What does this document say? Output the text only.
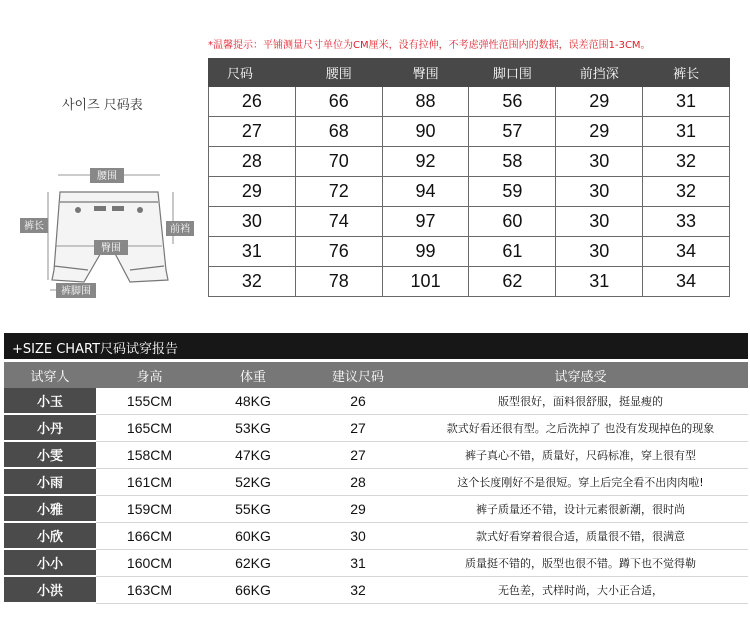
*温馨提示：平铺测量尺寸单位为CM厘米，没有拉伸，不考虑弹性范围内的数据，误差范围1-3CM。
사이즈 尺码表
腰围
裤长	前裆
臀围
裤脚围
尺码	腰围	臀围	脚口围	前挡深	裤长
26	66	88	56	29	31
27	68	90	57	29	31
28	70	92	58	30	32
29	72	94	59	30	32
30	74	97	60	30	33
31	76	99	61	30	34
32	78	101	62	31	34
+SIZE CHART尺码试穿报告
试穿人	身高	体重	建议尺码	试穿感受
小玉	155CM	48KG	26	版型很好，面料很舒服，挺显瘦的
小丹	165CM	53KG	27	款式好看还很有型。之后洗掉了 也没有发现掉色的现象
小雯	158CM	47KG	27	裤子真心不错，质量好，尺码标准，穿上很有型
小雨	161CM	52KG	28	这个长度刚好不是很短。穿上后完全看不出肉肉啦!
小雅	159CM	55KG	29	裤子质量还不错，设计元素很新潮，很时尚
小欣	166CM	60KG	30	款式好看穿着很合适，质量很不错，很满意
小小	160CM	62KG	31	质量挺不错的，版型也很不错。蹲下也不觉得勒
小洪	163CM	66KG	32	无色差，式样时尚，大小正合适，
